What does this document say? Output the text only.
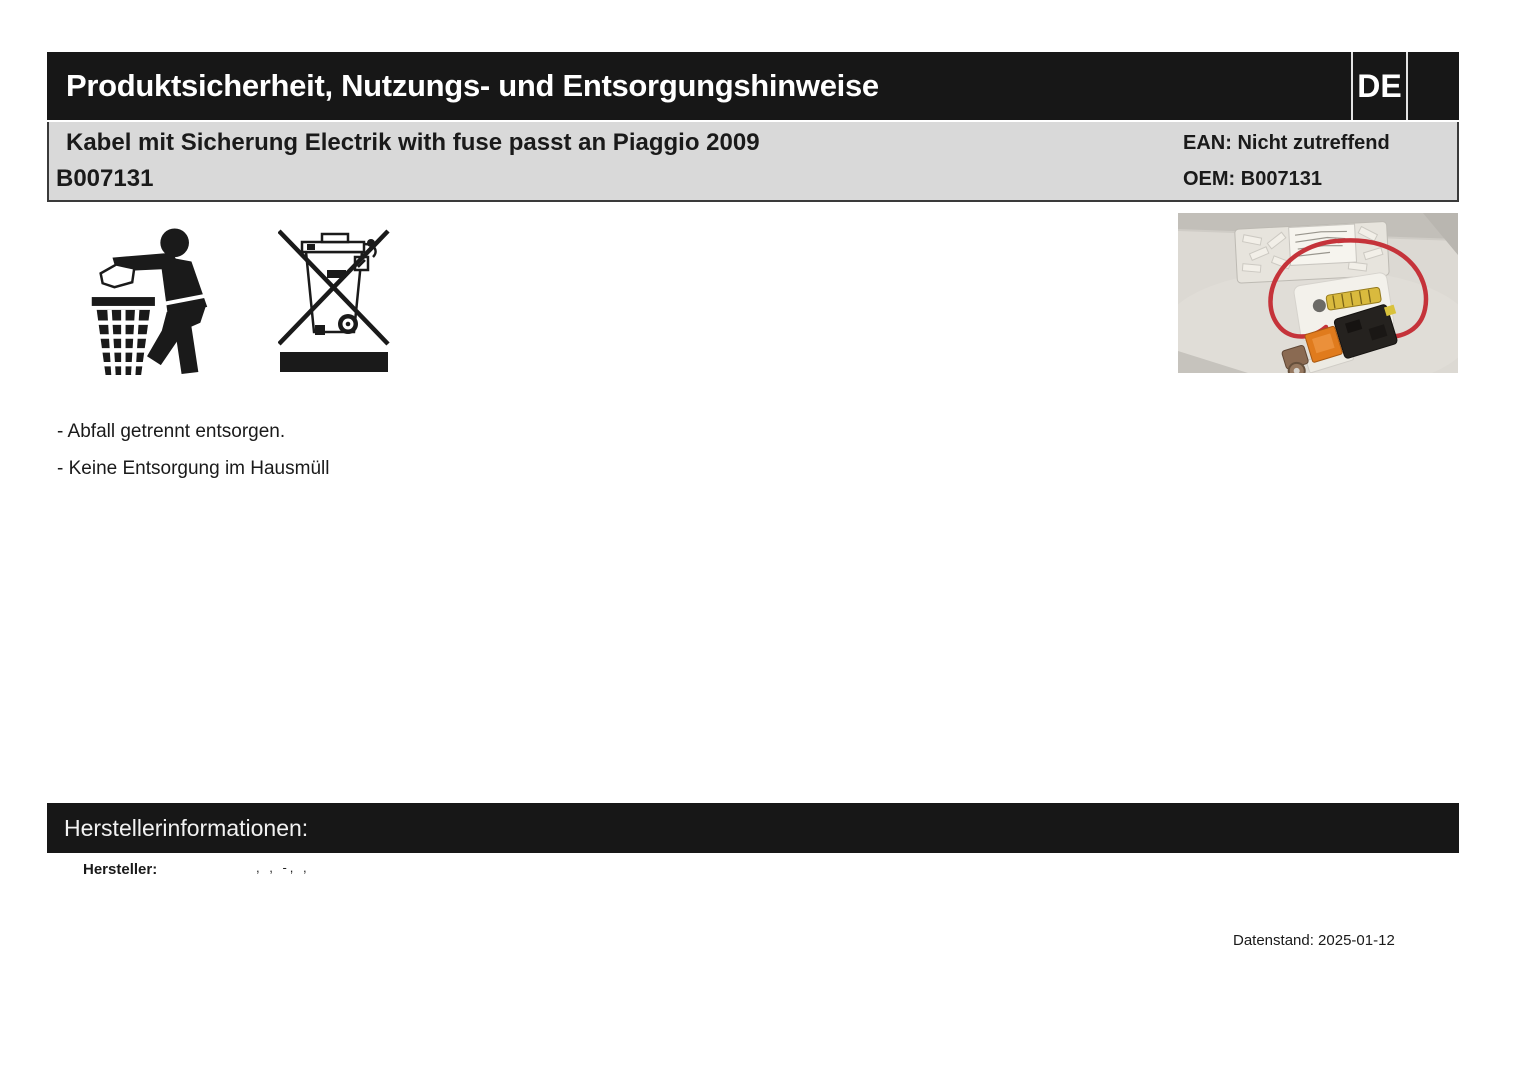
Produktsicherheit, Nutzungs- und Entsorgungshinweise	DE
Kabel mit Sicherung Electrik with fuse passt an Piaggio 2009
B007131
EAN: Nicht zutreffend
OEM: B007131
- Abfall getrennt entsorgen.
- Keine Entsorgung im Hausmüll
Herstellerinformationen:
Hersteller:	, , -, ,
Datenstand: 2025-01-12
